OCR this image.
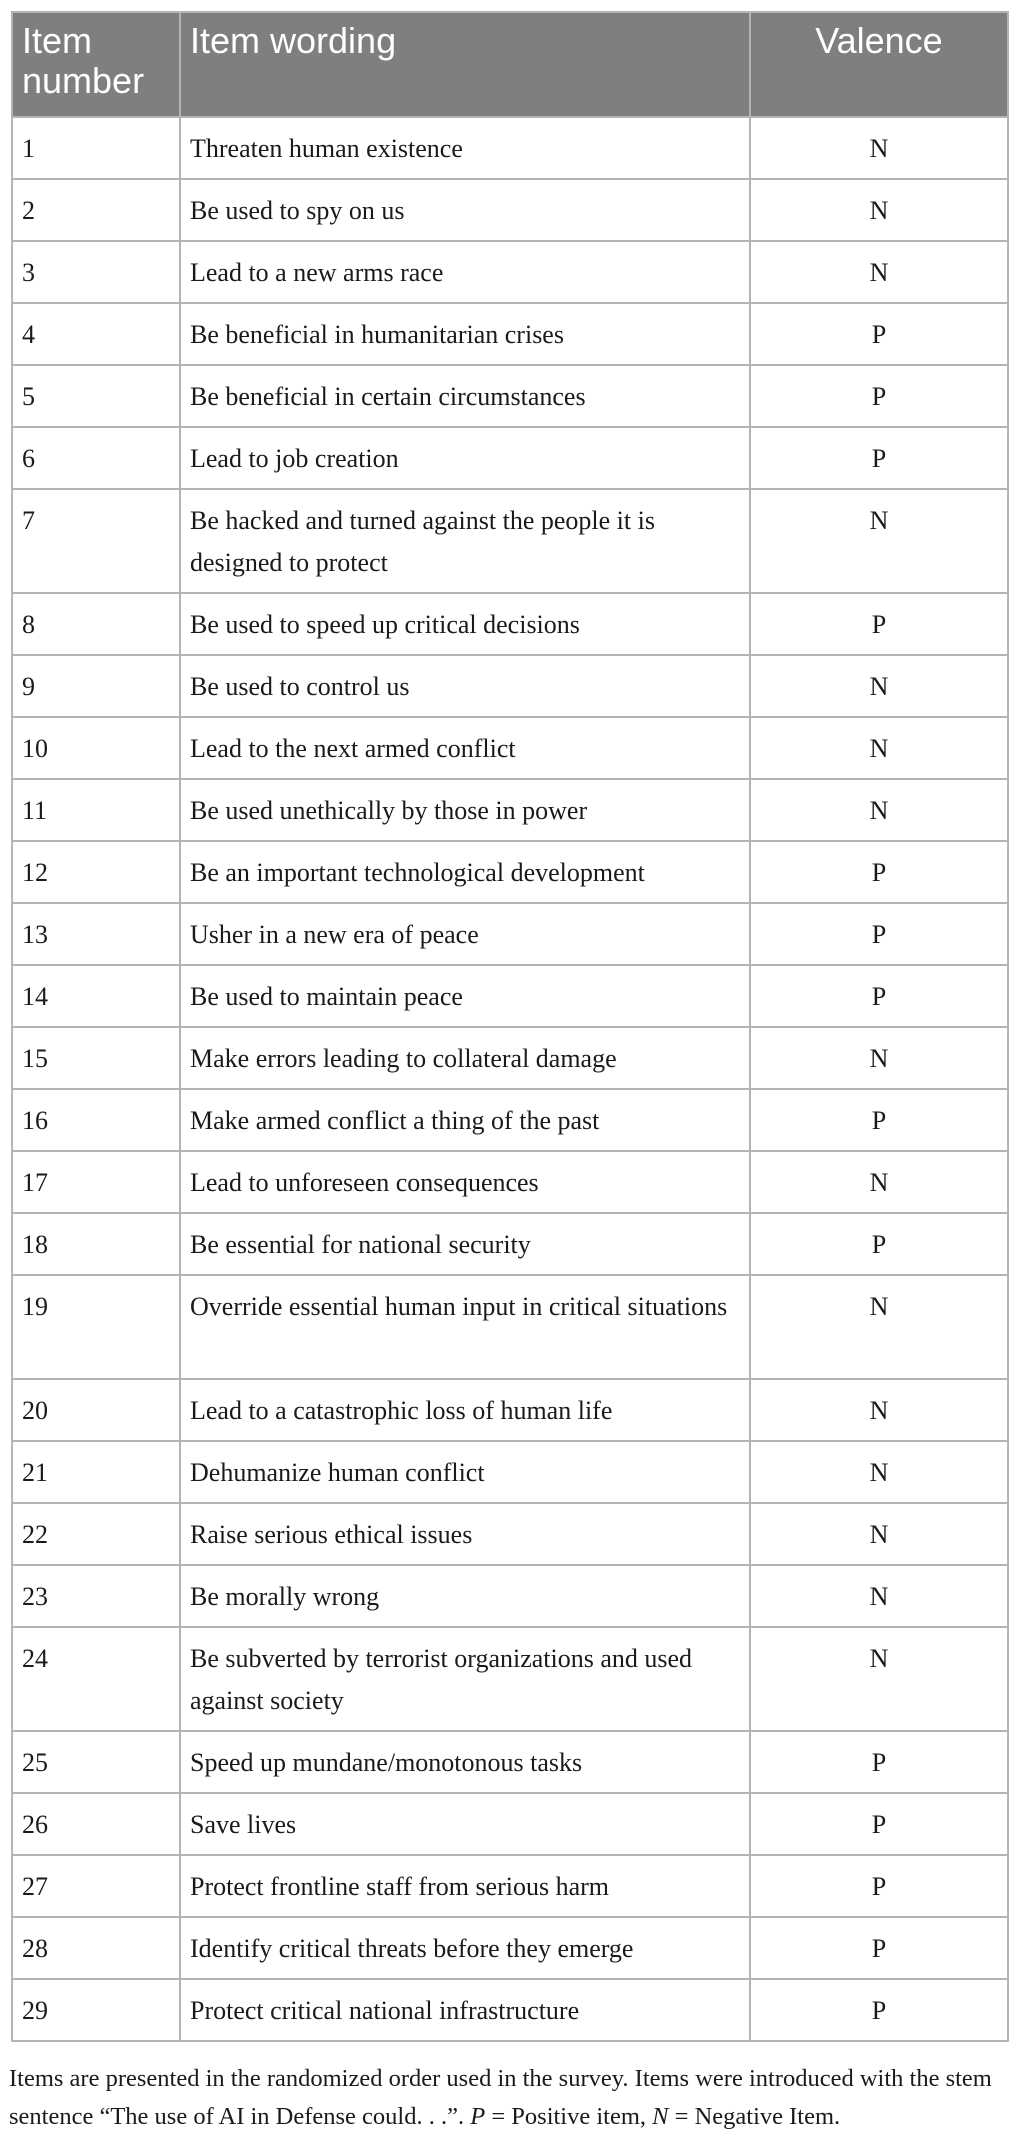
Item
number	Item wording	Valence
1	Threaten human existence	N
2	Be used to spy on us	N
3	Lead to a new arms race	N
4	Be beneficial in humanitarian crises	P
5	Be beneficial in certain circumstances	P
6	Lead to job creation	P
7	Be hacked and turned against the people it is designed to protect	N
8	Be used to speed up critical decisions	P
9	Be used to control us	N
10	Lead to the next armed conflict	N
11	Be used unethically by those in power	N
12	Be an important technological development	P
13	Usher in a new era of peace	P
14	Be used to maintain peace	P
15	Make errors leading to collateral damage	N
16	Make armed conflict a thing of the past	P
17	Lead to unforeseen consequences	N
18	Be essential for national security	P
19	Override essential human input in critical situations	N
20	Lead to a catastrophic loss of human life	N
21	Dehumanize human conflict	N
22	Raise serious ethical issues	N
23	Be morally wrong	N
24	Be subverted by terrorist organizations and used against society	N
25	Speed up mundane/monotonous tasks	P
26	Save lives	P
27	Protect frontline staff from serious harm	P
28	Identify critical threats before they emerge	P
29	Protect critical national infrastructure	P

Items are presented in the randomized order used in the survey. Items were introduced with the stem sentence “The use of AI in Defense could. . .”. P = Positive item, N = Negative Item.
